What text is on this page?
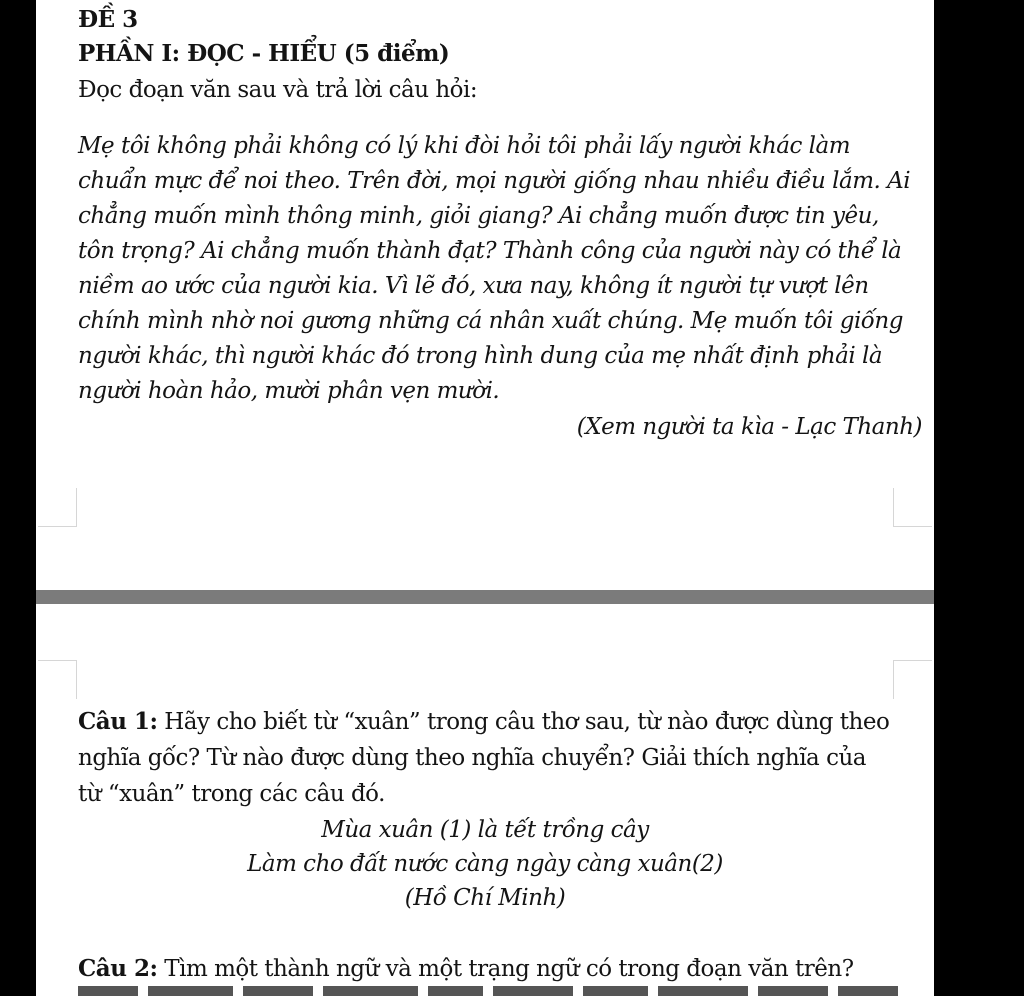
ĐỀ 3
PHẦN I: ĐỌC - HIỂU (5 điểm)
Đọc đoạn văn sau và trả lời câu hỏi:
Mẹ tôi không phải không có lý khi đòi hỏi tôi phải lấy người khác làm
chuẩn mực để noi theo. Trên đời, mọi người giống nhau nhiều điều lắm. Ai
chẳng muốn mình thông minh, giỏi giang? Ai chẳng muốn được tin yêu,
tôn trọng? Ai chẳng muốn thành đạt? Thành công của người này có thể là
niềm ao ước của người kia. Vì lẽ đó, xưa nay, không ít người tự vượt lên
chính mình nhờ noi gương những cá nhân xuất chúng. Mẹ muốn tôi giống
người khác, thì người khác đó trong hình dung của mẹ nhất định phải là
người hoàn hảo, mười phân vẹn mười.
(Xem người ta kìa - Lạc Thanh)
Câu 1: Hãy cho biết từ “xuân” trong câu thơ sau, từ nào được dùng theo
nghĩa gốc? Từ nào được dùng theo nghĩa chuyển? Giải thích nghĩa của
từ “xuân” trong các câu đó.
Mùa xuân (1) là tết trồng cây
Làm cho đất nước càng ngày càng xuân(2)
(Hồ Chí Minh)
Câu 2: Tìm một thành ngữ và một trạng ngữ có trong đoạn văn trên?
